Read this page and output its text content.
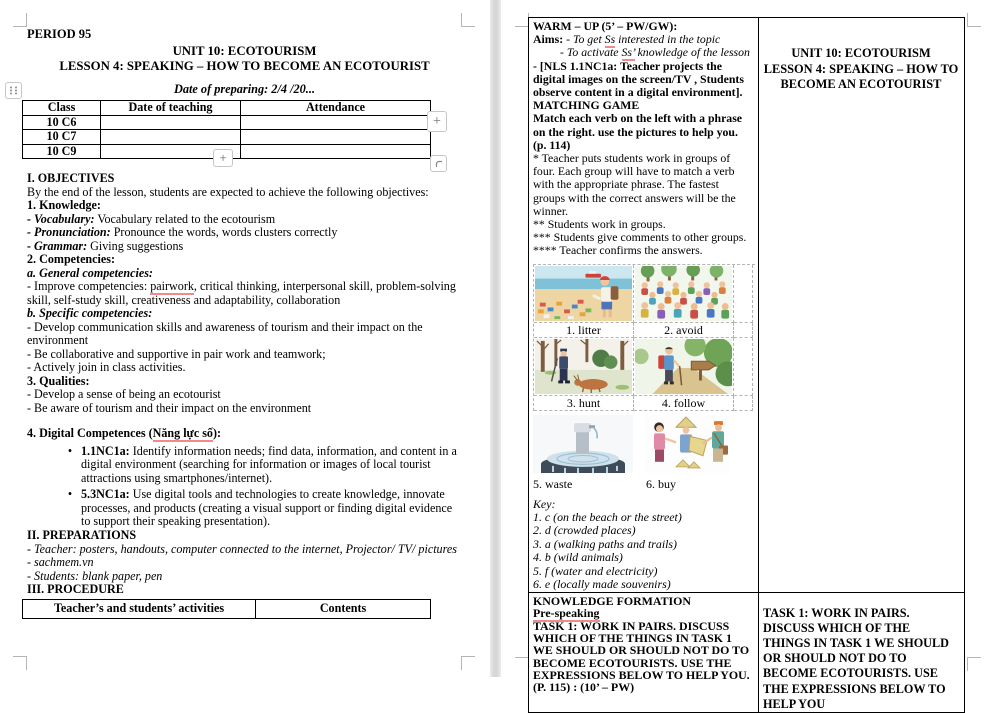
+
+
PERIOD 95
UNIT 10: ECOTOURISM
LESSON 4: SPEAKING – HOW TO BECOME AN ECOTOURIST
Date of preparing: 2/4 /20...
Class	Date of teaching	Attendance
10 C6		
10 C7		
10 C9		
I. OBJECTIVES
By the end of the lesson, students are expected to achieve the following objectives:
1. Knowledge:
- Vocabulary: Vocabulary related to the ecotourism
- Pronunciation: Pronounce the words, words clusters correctly
- Grammar: Giving suggestions
2. Competencies:
a. General competencies:
- Improve competencies: pairwork, critical thinking, interpersonal skill, problem-solving skill, self-study skill, creativeness and adaptability, collaboration
b. Specific competencies:
- Develop communication skills and awareness of tourism and their impact on the environment
- Be collaborative and supportive in pair work and teamwork;
- Actively join in class activities.
3. Qualities:
- Develop a sense of being an ecotourist
- Be aware of tourism and their impact on the environment
4. Digital Competences (Năng lực số):
• 1.1NC1a: Identify information needs; find data, information, and content in a digital environment (searching for information or images of local tourist attractions using smartphones/internet).
• 5.3NC1a: Use digital tools and technologies to create knowledge, innovate processes, and products (creating a visual support or finding digital evidence to support their speaking presentation).
II. PREPARATIONS
- Teacher: posters, handouts, computer connected to the internet, Projector/ TV/ pictures
- sachmem.vn
- Students: blank paper, pen
III. PROCEDURE
Teacher’s and students’ activities	Contents
WARM – UP (5’ – PW/GW):
Aims: - To get Ss interested in the topic
- To activate Ss’ knowledge of the lesson
- [NLS 1.1NC1a: Teacher projects the digital images on the screen/TV , Students observe content in a digital environment].
MATCHING GAME
Match each verb on the left with a phrase on the right. use the pictures to help you. (p. 114)
* Teacher puts students work in groups of four. Each group will have to match a verb with the appropriate phrase. The fastest groups with the correct answers will be the winner.
** Students work in groups.
*** Students give comments to other groups.
**** Teacher confirms the answers.
1. litter	2. avoid
3. hunt	4. follow
5. waste	6. buy
Key:
1. c (on the beach or the street)
2. d (crowded places)
3. a (walking paths and trails)
4. b (wild animals)
5. f (water and electricity)
6. e (locally made souvenirs)

UNIT 10: ECOTOURISM
LESSON 4: SPEAKING – HOW TO
BECOME AN ECOTOURIST

KNOWLEDGE FORMATION
Pre-speaking
TASK 1: WORK IN PAIRS. DISCUSS WHICH OF THE THINGS IN TASK 1 WE SHOULD OR SHOULD NOT DO TO BECOME ECOTOURISTS. USE THE EXPRESSIONS BELOW TO HELP YOU. (P. 115) : (10’ – PW)	TASK 1: WORK IN PAIRS. DISCUSS WHICH OF THE THINGS IN TASK 1 WE SHOULD OR SHOULD NOT DO TO BECOME ECOTOURISTS. USE THE EXPRESSIONS BELOW TO HELP YOU
